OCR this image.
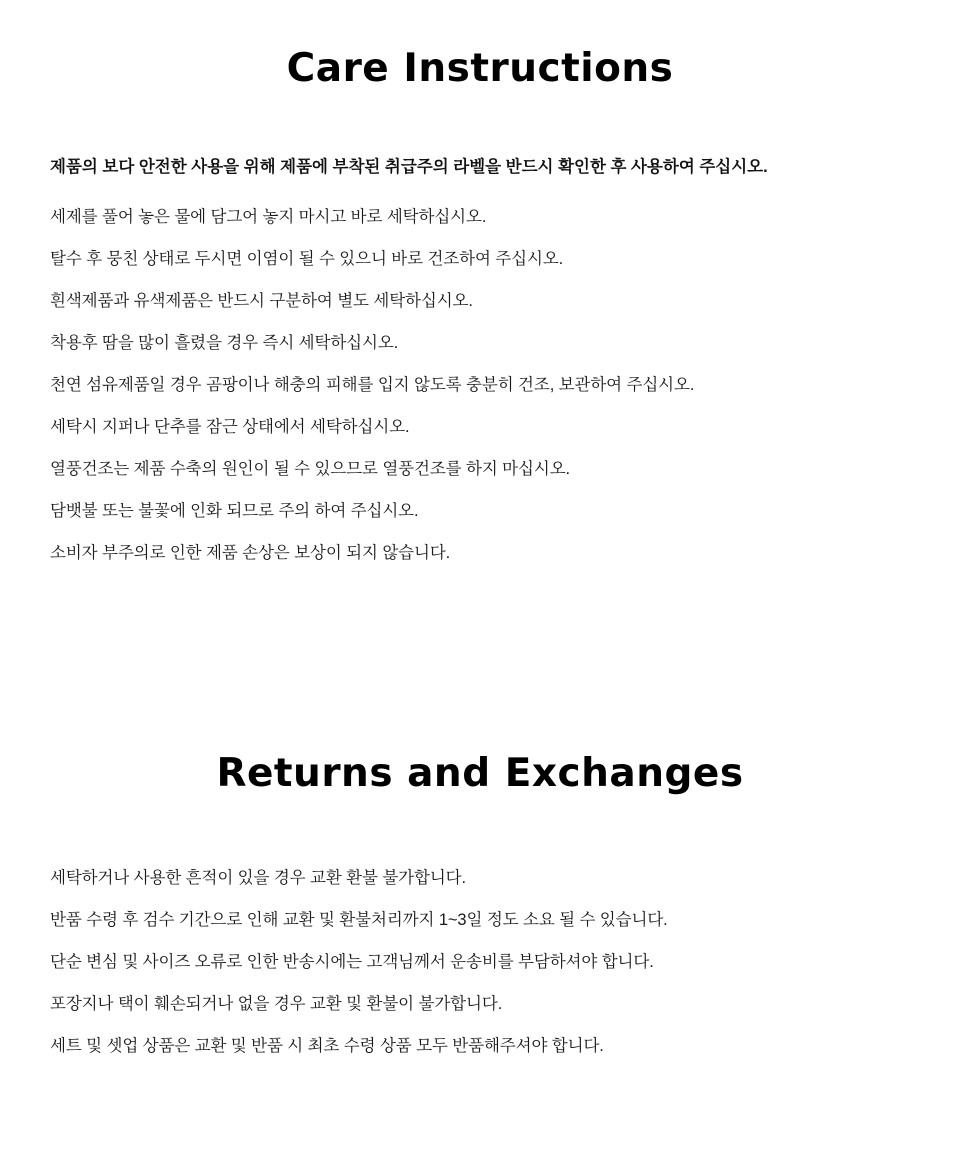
Care Instructions

제품의 보다 안전한 사용을 위해 제품에 부착된 취급주의 라벨을 반드시 확인한 후 사용하여 주십시오.

세제를 풀어 놓은 물에 담그어 놓지 마시고 바로 세탁하십시오.
탈수 후 뭉친 상태로 두시면 이염이 될 수 있으니 바로 건조하여 주십시오.
흰색제품과 유색제품은 반드시 구분하여 별도 세탁하십시오.
착용후 땀을 많이 흘렸을 경우 즉시 세탁하십시오.
천연 섬유제품일 경우 곰팡이나 해충의 피해를 입지 않도록 충분히 건조, 보관하여 주십시오.
세탁시 지퍼나 단추를 잠근 상태에서 세탁하십시오.
열풍건조는 제품 수축의 원인이 될 수 있으므로 열풍건조를 하지 마십시오.
담뱃불 또는 불꽃에 인화 되므로 주의 하여 주십시오.
소비자 부주의로 인한 제품 손상은 보상이 되지 않습니다.
Returns and Exchanges
세탁하거나 사용한 흔적이 있을 경우 교환 환불 불가합니다.
반품 수령 후 검수 기간으로 인해 교환 및 환불처리까지 1~3일 정도 소요 될 수 있습니다.
단순 변심 및 사이즈 오류로 인한 반송시에는 고객님께서 운송비를 부담하셔야 합니다.
포장지나 택이 훼손되거나 없을 경우 교환 및 환불이 불가합니다.
세트 및 셋업 상품은 교환 및 반품 시 최초 수령 상품 모두 반품해주셔야 합니다.
